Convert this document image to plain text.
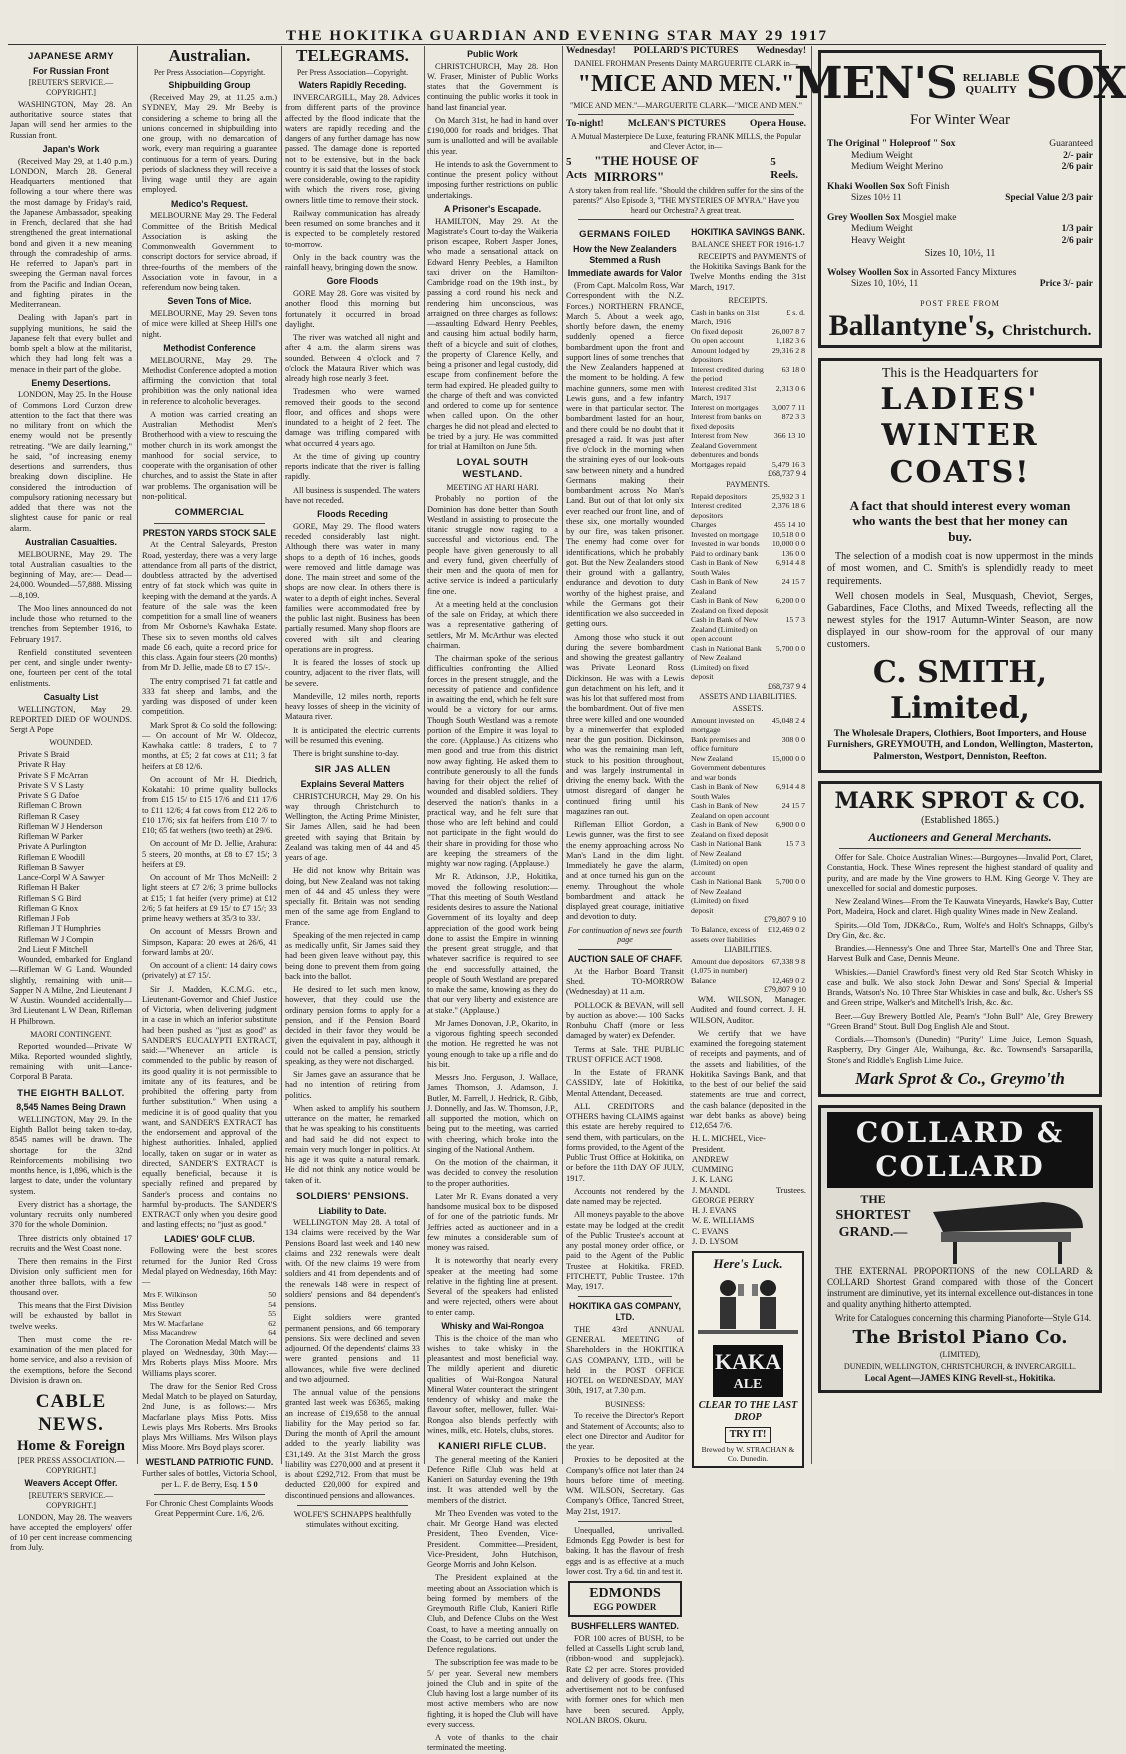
THE HOKITIKA GUARDIAN AND EVENING STAR MAY 29 1917
JAPANESE ARMY
For Russian Front
[REUTER'S SERVICE.—COPYRIGHT.]

WASHINGTON, May 28. An authoritative source states that Japan will send her armies to the Russian front.

Japan's Work

(Received May 29, at 1.40 p.m.) LONDON, March 28. General Headquarters mentioned that following a tour where there was the most damage by Friday's raid, the Japanese Ambassador, speaking in French, declared that she had strengthened the great international bond and given it a new meaning through the comradeship of arms. He referred to Japan's part in sweeping the German naval forces from the Pacific and Indian Ocean, and fighting pirates in the Mediterranean.

Dealing with Japan's part in supplying munitions, he said the Japanese felt that every bullet and bomb spelt a blow at the militarist, which they had long felt was a menace in their part of the globe.

Enemy Desertions.

LONDON, May 25. In the House of Commons Lord Curzon drew attention to the fact that there was no military front on which the enemy would not be presently retreating. "We are daily learning," he said, "of increasing enemy desertions and surrenders, thus breaking down discipline. He considered the introduction of compulsory rationing necessary but added that there was not the slightest cause for panic or real alarm.

Australian Casualties.

MELBOURNE, May 29. The total Australian casualties to the beginning of May, are:— Dead—24,000. Wounded—57,888. Missing—8,109.

The Moo lines announced do not include those who returned to the trenches from September 1916, to February 1917.

Renfield constituted seventeen per cent, and single under twenty-one, fourteen per cent of the total enlistments.

Casualty List

WELLINGTON, May 29. REPORTED DIED OF WOUNDS. Sergt A Pope

WOUNDED.
Private S Braid
Private R Hay
Private S F McArran
Private S V S Lasty
Private S G Dafoe
Rifleman C Brown
Rifleman R Casey
Rifleman W J Henderson
Rifleman W Parker
Private A Purlington
Rifleman E Woodill
Rifleman B Sawyer
Lance-Corpl W A Sawyer
Rifleman H Baker
Rifleman S G Bird
Rifleman G Knox
Rifleman J Fob
Rifleman J T Humphries
Rifleman W J Compin
2nd Lieut F Mitchell

Wounded, embarked for England—Rifleman W G Land. Wounded slightly, remaining with unit—Sapper N A Milne, 2nd Lieutenant J W Austin. Wounded accidentally—3rd Lieutenant L W Dean, Rifleman H Philbrown.

MAORI CONTINGENT.

Reported wounded—Private W Mika. Reported wounded slightly, remaining with unit—Lance-Corporal B Parata.

THE EIGHTH BALLOT.
8,545 Names Being Drawn

WELLINGTON, May 29. In the Eighth Ballot being taken to-day, 8545 names will be drawn. The shortage for the 32nd Reinforcements mobilising two months hence, is 1,896, which is the largest to date, under the voluntary system.

Every district has a shortage, the voluntary recruits only numbered 370 for the whole Dominion.

Three districts only obtained 17 recruits and the West Coast none.

There then remains in the First Division only sufficient men for another three ballots, with a few thousand over.

This means that the First Division will be exhausted by ballot in twelve weeks.

Then must come the re-examination of the men placed for home service, and also a revision of the exemptions, before the Second Division is drawn on.

CABLE NEWS.
Home & Foreign
[PER PRESS ASSOCIATION.—COPYRIGHT.]
Weavers Accept Offer.
[REUTER'S SERVICE.—COPYRIGHT.]

LONDON, May 28. The weavers have accepted the employers' offer of 10 per cent increase commencing from July.

Australian.
Per Press Association—Copyright.
Shipbuilding Group

(Received May 29, at 11.25 a.m.) SYDNEY, May 29. Mr Beeby is considering a scheme to bring all the unions concerned in shipbuilding into one group, with no demarcation of work, every man requiring a guarantee continuous for a term of years. During periods of slackness they will receive a living wage until they are again employed.

Medico's Request.

MELBOURNE May 29. The Federal Committee of the British Medical Association is asking the Commonwealth Government to conscript doctors for service abroad, if three-fourths of the members of the Association vote in favour, in a referendum now being taken.

Seven Tons of Mice.

MELBOURNE, May 29. Seven tons of mice were killed at Sheep Hill's one night.

Methodist Conference

MELBOURNE, May 29. The Methodist Conference adopted a motion affirming the conviction that total prohibition was the only national idea in reference to alcoholic beverages.

A motion was carried creating an Australian Methodist Men's Brotherhood with a view to rescuing the mother church in its work amongst the manhood for social service, to cooperate with the organisation of other churches, and to assist the State in after war problems. The organisation will be non-political.

COMMERCIAL
PRESTON YARDS STOCK SALE

At the Central Saleyards, Preston Road, yesterday, there was a very large attendance from all parts of the district, doubtless attracted by the advertised entry of fat stock which was quite in keeping with the demand at the yards. A feature of the sale was the keen competition for a small line of weaners from Mr Osborne's Kawhaka Estate. These six to seven months old calves made £6 each, quite a record price for this class. Again four steers (20 months) from Mr D. Jellie, made £8 to £7 15/-.

The entry comprised 71 fat cattle and 333 fat sheep and lambs, and the yarding was disposed of under keen competition.

Mark Sprot & Co sold the following:— On account of Mr W. Oldecoz, Kawhaka cattle: 8 traders, £ to 7 months, at £5; 2 fat cows at £11; 3 fat heifers at £8 12/6.

On account of Mr H. Diedrich, Kokatahi: 10 prime quality bullocks from £15 15/ to £15 17/6 and £11 17/6 to £11 12/6; 4 fat cows from £12 2/6 to £10 17/6; six fat heifers from £10 7/ to £10; 65 fat wethers (two teeth) at 29/6.

On account of Mr D. Jellie, Arahura: 5 steers, 20 months, at £8 to £7 15/; 3 heifers at £9.

On account of Mr Thos McNeill: 2 light steers at £7 2/6; 3 prime bullocks at £15; 1 fat heifer (very prime) at £12 2/6; 5 fat heifers at £9 15/ to £7 15/; 33 prime heavy wethers at 35/3 to 33/.

On account of Messrs Brown and Simpson, Kapara: 20 ewes at 26/6, 41 forward lambs at 20/.

On account of a client: 14 dairy cows (privately) at £7 15/.

Sir J. Madden, K.C.M.G. etc., Lieutenant-Governor and Chief Justice of Victoria, when delivering judgment in a case in which an inferior substitute had been pushed as "just as good" as SANDER'S EUCALYPTI EXTRACT, said:—"Whenever an article is commended to the public by reason of its good quality it is not permissible to imitate any of its features, and be prohibited the offering party from further substitution." When using a medicine it is of good quality that you want, and SANDER'S EXTRACT has the endorsement and approval of the highest authorities. Inhaled, applied locally, taken on sugar or in water as directed, SANDER'S EXTRACT is equally beneficial, because it is specially refined and prepared by Sander's process and contains no harmful by-products. The SANDER'S EXTRACT only when you desire good and lasting effects; no "just as good."

LADIES' GOLF CLUB.

Following were the best scores returned for the Junior Red Cross Medal played on Wednesday, 16th May:—

Mrs F. Wilkinson	50
Miss Bentley	54
Mrs Stewart	55
Mrs W. Macfarlane	62
Miss Macandrew	64

The Coronation Medal Match will be played on Wednesday, 30th May:— Mrs Roberts plays Miss Moore. Mrs Williams plays scorer.

The draw for the Senior Red Cross Medal Match to be played on Saturday, 2nd June, is as follows:— Mrs Macfarlane plays Miss Potts. Miss Lewis plays Mrs Roberts. Mrs Brooks plays Mrs Williams. Mrs Wilson plays Miss Moore. Mrs Boyd plays scorer.

WESTLAND PATRIOTIC FUND.
Further sales of bottles, Victoria School, per L. F. de Berry, Esq. 1 5 0
For Chronic Chest Complaints Woods Great Peppermint Cure. 1/6, 2/6.
TELEGRAMS.
Per Press Association—Copyright.
Waters Rapidly Receding.

INVERCARGILL, May 28. Advices from different parts of the province affected by the flood indicate that the waters are rapidly receding and the dangers of any further damage has now passed. The damage done is reported not to be extensive, but in the back country it is said that the losses of stock were considerable, owing to the rapidity with which the rivers rose, giving owners little time to remove their stock.

Railway communication has already been resumed on some branches and it is expected to be completely restored to-morrow.

Only in the back country was the rainfall heavy, bringing down the snow.

Gore Floods

GORE May 28. Gore was visited by another flood this morning but fortunately it occurred in broad daylight.

The river was watched all night and after 4 a.m. the alarm sirens was sounded. Between 4 o'clock and 7 o'clock the Mataura River which was already high rose nearly 3 feet.

Tradesmen who were warned removed their goods to the second floor, and offices and shops were inundated to a height of 2 feet. The damage was trifling compared with what occurred 4 years ago.

At the time of giving up country reports indicate that the river is falling rapidly.

All business is suspended. The waters have not receded.

Floods Receding

GORE, May 29. The flood waters receded considerably last night. Although there was water in many shops to a depth of 16 inches, goods were removed and little damage was done. The main street and some of the shops are now clear. In others there is water to a depth of eight inches. Several families were accommodated free by the public last night. Business has been partially resumed. Many shop floors are covered with silt and clearing operations are in progress.

It is feared the losses of stock up country, adjacent to the river flats, will be severe.

Mandeville, 12 miles north, reports heavy losses of sheep in the vicinity of Mataura river.

It is anticipated the electric currents will be resumed this evening.

There is bright sunshine to-day.

SIR JAS ALLEN
Explains Several Matters

CHRISTCHURCH, May 29. On his way through Christchurch to Wellington, the Acting Prime Minister, Sir James Allen, said he had been greeted with saying that Britain by Zealand was taking men of 44 and 45 years of age.

He did not know why Britain was doing, but New Zealand was not taking men of 44 and 45 unless they were specially fit. Britain was not sending men of the same age from England to France.

Speaking of the men rejected in camp as medically unfit, Sir James said they had been given leave without pay, this being done to prevent them from going back into the ballot.

He desired to let such men know, however, that they could use the ordinary pension forms to apply for a pension, and if the Pension Board decided in their favor they would be given the equivalent in pay, although it could not be called a pension, strictly speaking, as they were not discharged.

Sir James gave an assurance that he had no intention of retiring from politics.

When asked to amplify his southern utterance on the matter, he remarked that he was speaking to his constituents and had said he did not expect to remain very much longer in politics. At his age it was quite a natural remark. He did not think any notice would be taken of it.

SOLDIERS' PENSIONS.
Liability to Date.

WELLINGTON May 28. A total of 134 claims were received by the War Pensions Board last week and 140 new claims and 232 renewals were dealt with. Of the new claims 19 were from soldiers and 41 from dependents and of the renewals 148 were in respect of soldiers' pensions and 84 dependent's pensions.

Eight soldiers were granted permanent pensions, and 66 temporary pensions. Six were declined and seven adjourned. Of the dependents' claims 33 were granted pensions and 11 allowances, while five were declined and two adjourned.

The annual value of the pensions granted last week was £6365, making an increase of £19,658 to the annual liability for the May period so far. During the month of April the amount added to the yearly liability was £31,149. At the 31st March the gross liability was £270,000 and at present it is about £292,712. From that must be deducted £20,000 for expired and discontinued pensions and allowances.

WOLFE'S SCHNAPPS healthfully stimulates without exciting.
Public Work

CHRISTCHURCH, May 28. Hon W. Fraser, Minister of Public Works states that the Government is continuing the public works it took in hand last financial year.

On March 31st, he had in hand over £190,000 for roads and bridges. That sum is unallotted and will be available this year.

He intends to ask the Government to continue the present policy without imposing further restrictions on public undertakings.

A Prisoner's Escapade.

HAMILTON, May 29. At the Magistrate's Court to-day the Waikeria prison escapee, Robert Jasper Jones, who made a sensational attack on Edward Henry Peebles, a Hamilton taxi driver on the Hamilton-Cambridge road on the 19th inst., by passing a cord round his neck and rendering him unconscious, was arraigned on three charges as follows:—assaulting Edward Henry Peebles, and causing him actual bodily harm, theft of a bicycle and suit of clothes, the property of Clarence Kelly, and being a prisoner and legal custody, did escape from confinement before the term had expired. He pleaded guilty to the charge of theft and was convicted and ordered to come up for sentence when called upon. On the other charges he did not plead and elected to be tried by a jury. He was committed for trial at Hamilton on June 5th.

LOYAL SOUTH WESTLAND.
MEETING AT HARI HARI.

Probably no portion of the Dominion has done better than South Westland in assisting to prosecute the titanic struggle now raging to a successful and victorious end. The people have given generously to all and every fund, given cheerfully of their men and the quota of men for active service is indeed a particularly fine one.

At a meeting held at the conclusion of the sale on Friday, at which there was a representative gathering of settlers, Mr M. McArthur was elected chairman.

The chairman spoke of the serious difficulties confronting the Allied forces in the present struggle, and the necessity of patience and confidence in awaiting the end, which he felt sure would be a victory for our arms. Though South Westland was a remote portion of the Empire it was loyal to the core. (Applause.) As citizens who men good and true from this district now away fighting. He asked them to contribute generously to all the funds having for their object the relief of wounded and disabled soldiers. They deserved the nation's thanks in a practical way, and he felt sure that those who are left behind and could not participate in the fight would do their share in providing for those who are keeping the streamers of the mighty war now raging. (Applause.)

Mr R. Atkinson, J.P., Hokitika, moved the following resolution:— "That this meeting of South Westland residents desires to assure the National Government of its loyalty and deep appreciation of the good work being done to assist the Empire in winning the present great struggle, and that whatever sacrifice is required to see the end successfully attained, the people of South Westland are prepared to make the same, knowing as they do that our very liberty and existence are at stake." (Applause.)

Mr James Donovan, J.P., Okarito, in a vigorous fighting speech seconded the motion. He regretted he was not young enough to take up a rifle and do his bit.

Messrs Jno. Ferguson, J. Wallace, James Thomson, J. Adamson, J. Butler, M. Farrell, J. Hedrick, R. Gibb, J. Donnelly, and Jas. W. Thomson, J.P., all supported the motion, which on being put to the meeting, was carried with cheering, which broke into the singing of the National Anthem.

On the motion of the chairman, it was decided to convey the resolution to the proper authorities.

Later Mr R. Evans donated a very handsome musical box to be disposed of for one of the patriotic funds. Mr Jeffries acted as auctioneer and in a few minutes a considerable sum of money was raised.

It is noteworthy that nearly every speaker at the meeting had some relative in the fighting line at present. Several of the speakers had enlisted and were rejected, others were about to enter camp.

Whisky and Wai-Rongoa

This is the choice of the man who wishes to take whisky in the pleasantest and most beneficial way. The mildly aperient and diuretic qualities of Wai-Rongoa Natural Mineral Water counteract the stringent tendency of whisky and make the flavour softer, mellower, fuller. Wai-Rongoa also blends perfectly with wines, milk, etc. Hotels, clubs, stores.

KANIERI RIFLE CLUB.

The general meeting of the Kanieri Defence Rifle Club was held at Kanieri on Saturday evening the 19th inst. It was attended well by the members of the district.

Mr Theo Evenden was voted to the chair. Mr George Hand was elected President, Theo Evenden, Vice-President. Committee—President, Vice-President, John Hutchison, George Morris and John Kelson.

The President explained at the meeting about an Association which is being formed by members of the Greymouth Rifle Club, Kanieri Rifle Club, and Defence Clubs on the West Coast, to have a meeting annually on the Coast, to be carried out under the Defence regulations.

The subscription fee was made to be 5/ per year. Several new members joined the Club and in spite of the Club having lost a large number of its most active members who are now fighting, it is hoped the Club will have every success.

A vote of thanks to the chair terminated the meeting.

Wednesday! POLLARD'S PICTURES Wednesday!
DANIEL FROHMAN Presents Dainty MARGUERITE CLARK in—
"MICE AND MEN."
"MICE AND MEN."—MARGUERITE CLARK—"MICE AND MEN."
To-night!	McLEAN'S PICTURES	Opera House.
A Mutual Masterpiece De Luxe, featuring FRANK MILLS, the Popular and Clever Actor, in—
5 Acts
"THE HOUSE OF MIRRORS"
5 Reels.
A story taken from real life. "Should the children suffer for the sins of the parents?" Also Episode 3, "THE MYSTERIES OF MYRA." Have you heard our Orchestra? A great treat.
GERMANS FOILED
How the New Zealanders Stemmed a Rush
Immediate awards for Valor

(From Capt. Malcolm Ross, War Correspondent with the N.Z. Forces.) NORTHERN FRANCE, March 5. About a week ago, shortly before dawn, the enemy suddenly opened a fierce bombardment upon the front and support lines of some trenches that the New Zealanders happened at the moment to be holding. A few machine gunners, some men with Lewis guns, and a few infantry were in that particular sector. The bombardment lasted for an hour, and there could be no doubt that it presaged a raid. It was just after five o'clock in the morning when the straining eyes of our look-outs saw between ninety and a hundred Germans making their bombardment across No Man's Land. But out of that lot only six ever reached our front line, and of these six, one mortally wounded by our fire, was taken prisoner. The enemy had come over for identifications, which he probably got. But the New Zealanders stood their ground with a gallantry, endurance and devotion to duty worthy of the highest praise, and while the Germans got their identification we also succeeded in getting ours.

Among those who stuck it out during the severe bombardment and showing the greatest gallantry was Private Leonard Ross Dickinson. He was with a Lewis gun detachment on his left, and it was his lot that suffered most from the bombardment. Out of five men three were killed and one wounded by a minenwerfer that exploded near the gun position. Dickinson, who was the remaining man left, stuck to his position throughout, and was largely instrumental in driving the enemy back. With the utmost disregard of danger he continued firing until his magazines ran out.

Rifleman Elliot Gordon, a Lewis gunner, was the first to see the enemy approaching across No Man's Land in the dim light. Immediately he gave the alarm, and at once turned his gun on the enemy. Throughout the whole bombardment and attack he displayed great courage, initiative and devotion to duty.

For continuation of news see fourth page
AUCTION SALE OF CHAFF.

At the Harbor Board Transit Shed. TO-MORROW (Wednesday) at 11 a.m.

POLLOCK & BEVAN, will sell by auction as above:— 100 Sacks Ronbuhu Chaff (more or less damaged by water) ex Defender.

Terms at Sale. THE PUBLIC TRUST OFFICE ACT 1908.

In the Estate of FRANK CASSIDY, late of Hokitika, Mental Attendant, Deceased.

ALL CREDITORS and OTHERS having CLAIMS against this estate are hereby required to send them, with particulars, on the forms provided, to the Agent of the Public Trust Office at Hokitika, on or before the 11th DAY OF JULY, 1917.

Accounts not rendered by the date named may be rejected.

All moneys payable to the above estate may be lodged at the credit of the Public Trustee's account at any postal money order office, or paid to the Agent of the Public Trustee at Hokitika. FRED. FITCHETT, Public Trustee. 17th May, 1917.

HOKITIKA GAS COMPANY, LTD.

THE 43rd ANNUAL GENERAL MEETING of Shareholders in the HOKITIKA GAS COMPANY, LTD., will be held in the POST OFFICE HOTEL on WEDNESDAY, MAY 30th, 1917, at 7.30 p.m.

BUSINESS:

To receive the Director's Report and Statement of Accounts; also to elect one Director and Auditor for the year.

Proxies to be deposited at the Company's office not later than 24 hours before time of meeting. WM. WILSON, Secretary. Gas Company's Office, Tancred Street, May 21st, 1917.

Unequalled, unrivalled. Edmonds Egg Powder is best for baking. It has the flavour of fresh eggs and is as effective at a much lower cost. Try a 6d. tin and test it.

EDMONDS
EGG POWDER
BUSHFELLERS WANTED.

FOR 100 acres of BUSH, to be felled at Cassells Light scrub land, (ribbon-wood and supplejack). Rate £2 per acre. Stores provided and delivery of goods free. (This advertisement not to be confused with former ones for which men have been secured. Apply, NOLAN BROS. Okuru.

HOKITIKA SAVINGS BANK.
BALANCE SHEET FOR 1916-1.7

RECEIPTS and PAYMENTS of the Hokitika Savings Bank for the Twelve Months ending the 31st March, 1917.

RECEIPTS.
Cash in banks on 31st March, 1916	£ s. d.
On fixed deposit	26,007 8 7
On open account	1,182 3 6
Amount lodged by depositors	29,316 2 8
Interest credited during the period	63 18 0
Interest credited 31st March, 1917	2,313 0 6
Interest on mortgages	3,007 7 11
Interest from banks on fixed deposits	872 3 3
Interest from New Zealand Government debentures and bonds	366 13 10
Mortgages repaid	5,479 16 3
£68,737 9 4
PAYMENTS.
Repaid depositors	25,932 3 1
Interest credited depositors	2,376 18 6
Charges	455 14 10
Invested on mortgage	10,518 0 0
Invested in war bonds	10,000 0 0
Paid to ordinary bank	136 0 0
Cash in Bank of New South Wales	6,914 4 8
Cash in Bank of New Zealand	24 15 7
Cash in Bank of New Zealand on fixed deposit	6,200 0 0
Cash in Bank of New Zealand (Limited) on open account	15 7 3
Cash in National Bank of New Zealand (Limited) on fixed deposit	5,700 0 0
£68,737 9 4
ASSETS AND LIABILITIES.
ASSETS.
Amount invested on mortgage	45,048 2 4
Bank premises and office furniture	308 0 0
New Zealand Government debentures and war bonds	15,000 0 0
Cash in Bank of New South Wales	6,914 4 8
Cash in Bank of New Zealand on open account	24 15 7
Cash in Bank of New Zealand on fixed deposit	6,900 0 0
Cash in National Bank of New Zealand (Limited) on open account	15 7 3
Cash in National Bank of New Zealand (Limited) on fixed deposit	5,700 0 0
£79,807 9 10
To Balance, excess of assets over liabilities	£12,469 0 2
LIABILITIES.
Amount due depositors (1,075 in number)	67,338 9 8
Balance	12,469 0 2
£79,807 9 10

WM. WILSON, Manager. Audited and found correct. J. H. WILSON, Auditor.

We certify that we have examined the foregoing statement of receipts and payments, and of the assets and liabilities, of the Hokitika Savings Bank, and that to the best of our belief the said statements are true and correct, the cash balance (deposited in the war debt banks as above) being £12,654 7/6.

H. L. MICHEL, Vice-President.
ANDREW CUMMING
J. K. LANG
J. MANDL
GEORGE PERRY
H. J. EVANS
W. E. WILLIAMS
C. EVANS
J. D. LYSOM
Trustees.
Here's Luck.
KAKA
ALE
CLEAR TO THE LAST DROP
TRY IT!
Brewed by W. STRACHAN & Co. Dunedin.
MEN'S RELIABLE
QUALITY SOX
For Winter Wear
The Original " Holeproof " Sox	Guaranteed
Medium Weight	2/- pair
Medium Weight Merino	2/6 pair
Khaki Woollen Sox Soft Finish
Sizes 10½ 11	Special Value 2/3 pair
Grey Woollen Sox Mosgiel make
Medium Weight	1/3 pair
Heavy Weight	2/6 pair
Sizes 10, 10½, 11
Wolsey Woollen Sox in Assorted Fancy Mixtures
Sizes 10, 10½, 11	Price 3/- pair
POST FREE FROM
Ballantyne's, Christchurch.
This is the Headquarters for
LADIES'
WINTER COATS!
A fact that should interest every woman who wants the best that her money can buy.

The selection of a modish coat is now uppermost in the minds of most women, and C. Smith's is splendidly ready to meet requirements.

Well chosen models in Seal, Musquash, Cheviot, Serges, Gabardines, Face Cloths, and Mixed Tweeds, reflecting all the newest styles for the 1917 Autumn-Winter Season, are now displayed in our show-room for the approval of our many customers.

C. SMITH, Limited,
The Wholesale Drapers, Clothiers, Boot Importers, and House Furnishers, GREYMOUTH, and London, Wellington, Masterton, Palmerston, Westport, Denniston, Reefton.
MARK SPROT & CO.
(Established 1865.)
Auctioneers and General Merchants.

Offer for Sale. Choice Australian Wines:—Burgoynes—Invalid Port, Claret, Constantia, Hock. These Wines represent the highest standard of quality and purity, and are made by the Vine growers to H.M. King George V. They are unexcelled for social and domestic purposes.

New Zealand Wines—From the Te Kauwata Vineyards, Hawke's Bay, Cutter Port, Madeira, Hock and claret. High quality Wines made in New Zealand.

Spirits.—Old Tom, JDK&Co., Rum, Wolfe's and Holt's Schnapps, Gilby's Dry Gin, &c. &c.

Brandies.—Hennessy's One and Three Star, Martell's One and Three Star, Harvest Bulk and Case, Dennis Meune.

Whiskies.—Daniel Crawford's finest very old Red Star Scotch Whisky in case and bulk. We also stock John Dewar and Sons' Special & Imperial Brands, Watson's No. 10 Three Star Whiskies in case and bulk, &c. Usher's SS and Green stripe, Walker's and Mitchell's Irish, &c. &c.

Beer.—Guy Brewery Bottled Ale, Pearn's "John Bull" Ale, Grey Brewery "Green Brand" Stout. Bull Dog English Ale and Stout.

Cordials.—Thomson's (Dunedin) "Purity" Lime Juice, Lemon Squash, Raspberry, Dry Ginger Ale, Waihunga, &c. &c. Townsend's Sarsaparilla, Stone's and Riddle's English Lime Juice.

Mark Sprot & Co., Greymo'th
COLLARD &
COLLARD
THE
SHORTEST
GRAND.—

THE EXTERNAL PROPORTIONS of the new COLLARD & COLLARD Shortest Grand compared with those of the Concert instrument are diminutive, yet its internal excellence out-distances in tone and quality anything hitherto attempted.

Write for Catalogues concerning this charming Pianoforte—Style G14.

The Bristol Piano Co.
(LIMITED),
DUNEDIN, WELLINGTON, CHRISTCHURCH, & INVERCARGILL.
Local Agent—JAMES KING Revell-st., Hokitika.
